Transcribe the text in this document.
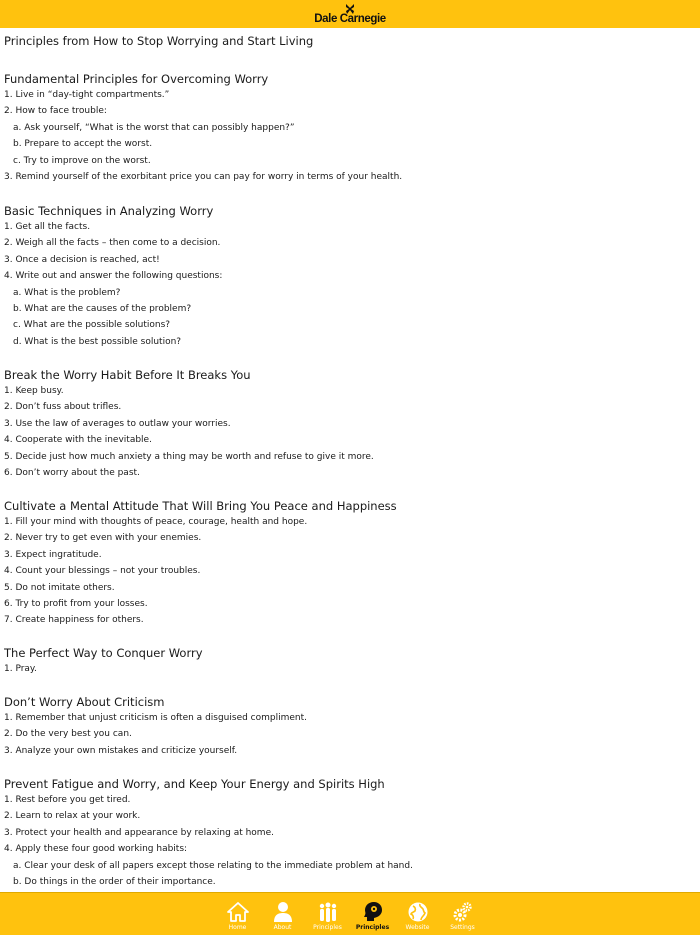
Dale Carnegie
Principles from How to Stop Worrying and Start Living
Fundamental Principles for Overcoming Worry
1. Live in “day-tight compartments.”
2. How to face trouble:
a. Ask yourself, “What is the worst that can possibly happen?”
b. Prepare to accept the worst.
c. Try to improve on the worst.
3. Remind yourself of the exorbitant price you can pay for worry in terms of your health.
Basic Techniques in Analyzing Worry
1. Get all the facts.
2. Weigh all the facts – then come to a decision.
3. Once a decision is reached, act!
4. Write out and answer the following questions:
a. What is the problem?
b. What are the causes of the problem?
c. What are the possible solutions?
d. What is the best possible solution?
Break the Worry Habit Before It Breaks You
1. Keep busy.
2. Don’t fuss about trifles.
3. Use the law of averages to outlaw your worries.
4. Cooperate with the inevitable.
5. Decide just how much anxiety a thing may be worth and refuse to give it more.
6. Don’t worry about the past.
Cultivate a Mental Attitude That Will Bring You Peace and Happiness
1. Fill your mind with thoughts of peace, courage, health and hope.
2. Never try to get even with your enemies.
3. Expect ingratitude.
4. Count your blessings – not your troubles.
5. Do not imitate others.
6. Try to profit from your losses.
7. Create happiness for others.
The Perfect Way to Conquer Worry
1. Pray.
Don’t Worry About Criticism
1. Remember that unjust criticism is often a disguised compliment.
2. Do the very best you can.
3. Analyze your own mistakes and criticize yourself.
Prevent Fatigue and Worry, and Keep Your Energy and Spirits High
1. Rest before you get tired.
2. Learn to relax at your work.
3. Protect your health and appearance by relaxing at home.
4. Apply these four good working habits:
a. Clear your desk of all papers except those relating to the immediate problem at hand.
b. Do things in the order of their importance.
Home	About	Principles Principles	Website	Settings
